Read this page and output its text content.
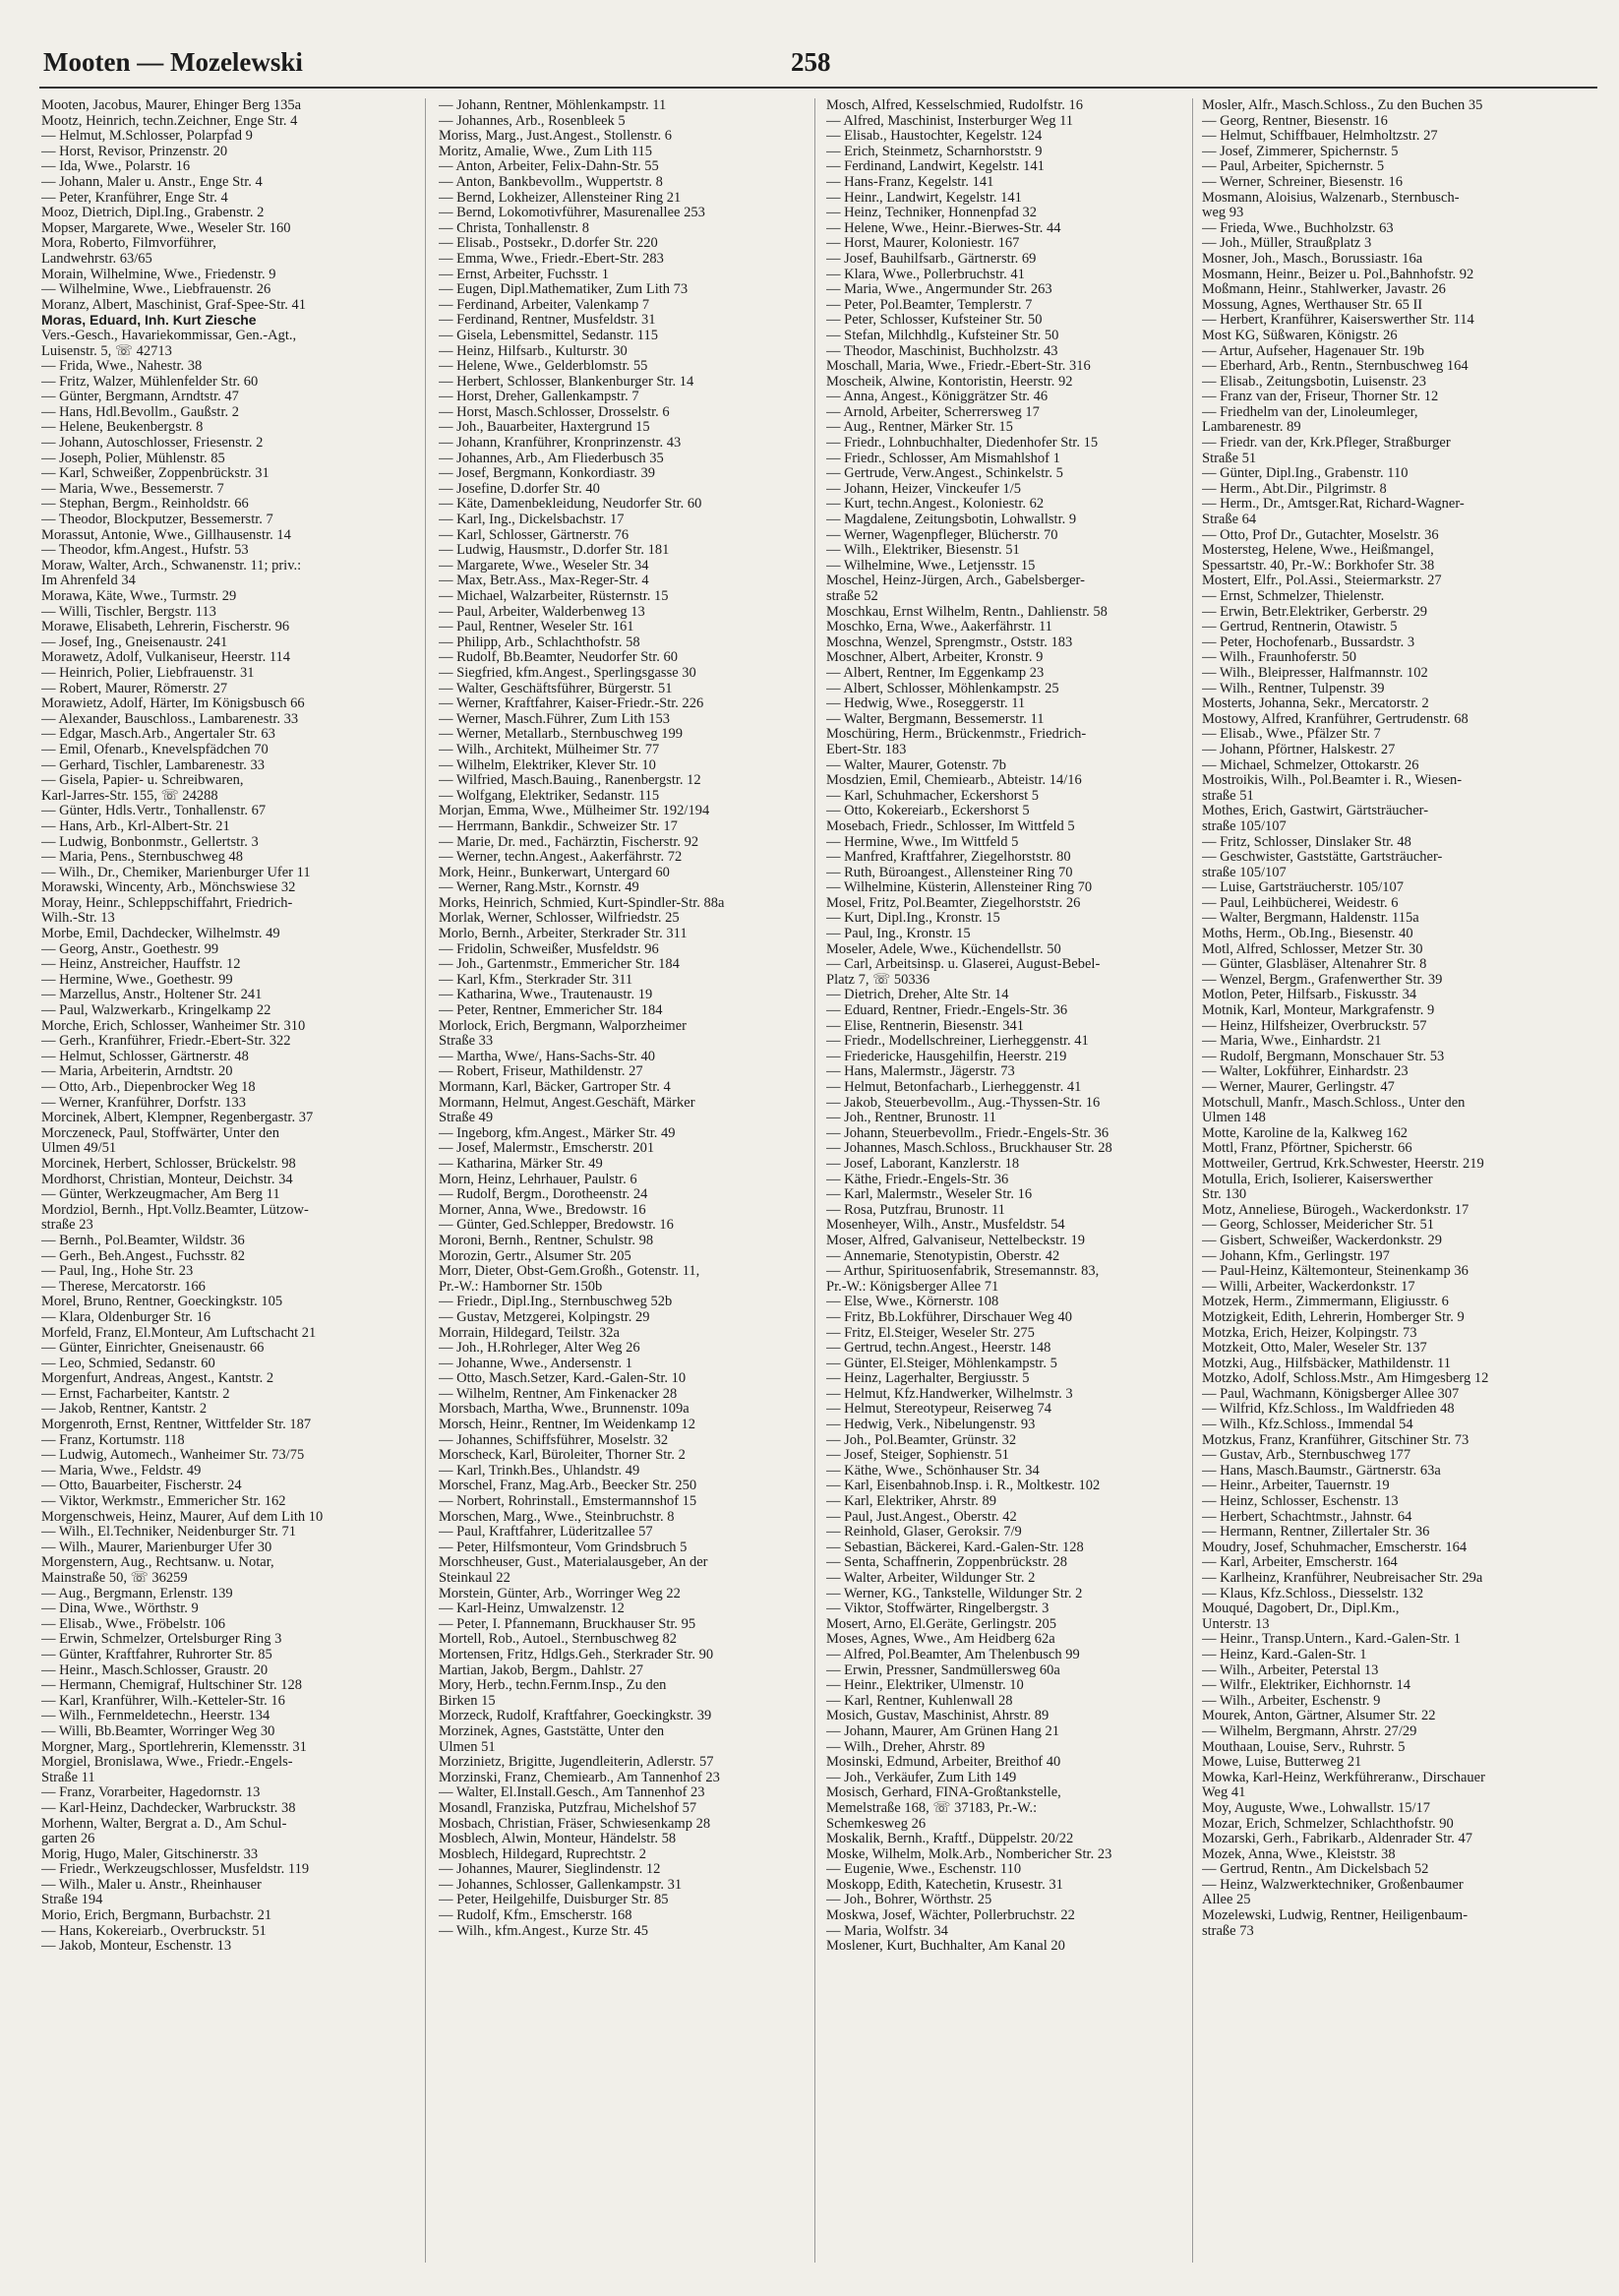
Mooten — Mozelewski	258
Mooten, Jacobus, Maurer, Ehinger Berg 135a
Mootz, Heinrich, techn.Zeichner, Enge Str. 4
— Helmut, M.Schlosser, Polarpfad 9
— Horst, Revisor, Prinzenstr. 20
— Ida, Wwe., Polarstr. 16
— Johann, Maler u. Anstr., Enge Str. 4
— Peter, Kranführer, Enge Str. 4
Mooz, Dietrich, Dipl.Ing., Grabenstr. 2
Mopser, Margarete, Wwe., Weseler Str. 160
Mora, Roberto, Filmvorführer,
Landwehrstr. 63/65
Morain, Wilhelmine, Wwe., Friedenstr. 9
— Wilhelmine, Wwe., Liebfrauenstr. 26
Moranz, Albert, Maschinist, Graf-Spee-Str. 41
Moras, Eduard, Inh. Kurt Ziesche
Vers.-Gesch., Havariekommissar, Gen.-Agt.,
Luisenstr. 5, ☏ 42713
— Frida, Wwe., Nahestr. 38
— Fritz, Walzer, Mühlenfelder Str. 60
— Günter, Bergmann, Arndtstr. 47
— Hans, Hdl.Bevollm., Gaußstr. 2
— Helene, Beukenbergstr. 8
— Johann, Autoschlosser, Friesenstr. 2
— Joseph, Polier, Mühlenstr. 85
— Karl, Schweißer, Zoppenbrückstr. 31
— Maria, Wwe., Bessemerstr. 7
— Stephan, Bergm., Reinholdstr. 66
— Theodor, Blockputzer, Bessemerstr. 7
Morassut, Antonie, Wwe., Gillhausenstr. 14
— Theodor, kfm.Angest., Hufstr. 53
Moraw, Walter, Arch., Schwanenstr. 11; priv.:
Im Ahrenfeld 34
Morawa, Käte, Wwe., Turmstr. 29
— Willi, Tischler, Bergstr. 113
Morawe, Elisabeth, Lehrerin, Fischerstr. 96
— Josef, Ing., Gneisenaustr. 241
Morawetz, Adolf, Vulkaniseur, Heerstr. 114
— Heinrich, Polier, Liebfrauenstr. 31
— Robert, Maurer, Römerstr. 27
Morawietz, Adolf, Härter, Im Königsbusch 66
— Alexander, Bauschloss., Lambarenestr. 33
— Edgar, Masch.Arb., Angertaler Str. 63
— Emil, Ofenarb., Knevelspfädchen 70
— Gerhard, Tischler, Lambarenestr. 33
— Gisela, Papier- u. Schreibwaren,
Karl-Jarres-Str. 155, ☏ 24288
— Günter, Hdls.Vertr., Tonhallenstr. 67
— Hans, Arb., Krl-Albert-Str. 21
— Ludwig, Bonbonmstr., Gellertstr. 3
— Maria, Pens., Sternbuschweg 48
— Wilh., Dr., Chemiker, Marienburger Ufer 11
Morawski, Wincenty, Arb., Mönchswiese 32
Moray, Heinr., Schleppschiffahrt, Friedrich-
Wilh.-Str. 13
Morbe, Emil, Dachdecker, Wilhelmstr. 49
— Georg, Anstr., Goethestr. 99
— Heinz, Anstreicher, Hauffstr. 12
— Hermine, Wwe., Goethestr. 99
— Marzellus, Anstr., Holtener Str. 241
— Paul, Walzwerkarb., Kringelkamp 22
Morche, Erich, Schlosser, Wanheimer Str. 310
— Gerh., Kranführer, Friedr.-Ebert-Str. 322
— Helmut, Schlosser, Gärtnerstr. 48
— Maria, Arbeiterin, Arndtstr. 20
— Otto, Arb., Diepenbrocker Weg 18
— Werner, Kranführer, Dorfstr. 133
Morcinek, Albert, Klempner, Regenbergastr. 37
Morczeneck, Paul, Stoffwärter, Unter den
Ulmen 49/51
Morcinek, Herbert, Schlosser, Brückelstr. 98
Mordhorst, Christian, Monteur, Deichstr. 34
— Günter, Werkzeugmacher, Am Berg 11
Mordziol, Bernh., Hpt.Vollz.Beamter, Lützow-
straße 23
— Bernh., Pol.Beamter, Wildstr. 36
— Gerh., Beh.Angest., Fuchsstr. 82
— Paul, Ing., Hohe Str. 23
— Therese, Mercatorstr. 166
Morel, Bruno, Rentner, Goeckingkstr. 105
— Klara, Oldenburger Str. 16
Morfeld, Franz, El.Monteur, Am Luftschacht 21
— Günter, Einrichter, Gneisenaustr. 66
— Leo, Schmied, Sedanstr. 60
Morgenfurt, Andreas, Angest., Kantstr. 2
— Ernst, Facharbeiter, Kantstr. 2
— Jakob, Rentner, Kantstr. 2
Morgenroth, Ernst, Rentner, Wittfelder Str. 187
— Franz, Kortumstr. 118
— Ludwig, Automech., Wanheimer Str. 73/75
— Maria, Wwe., Feldstr. 49
— Otto, Bauarbeiter, Fischerstr. 24
— Viktor, Werkmstr., Emmericher Str. 162
Morgenschweis, Heinz, Maurer, Auf dem Lith 10
— Wilh., El.Techniker, Neidenburger Str. 71
— Wilh., Maurer, Marienburger Ufer 30
Morgenstern, Aug., Rechtsanw. u. Notar,
Mainstraße 50, ☏ 36259
— Aug., Bergmann, Erlenstr. 139
— Dina, Wwe., Wörthstr. 9
— Elisab., Wwe., Fröbelstr. 106
— Erwin, Schmelzer, Ortelsburger Ring 3
— Günter, Kraftfahrer, Ruhrorter Str. 85
— Heinr., Masch.Schlosser, Graustr. 20
— Hermann, Chemigraf, Hultschiner Str. 128
— Karl, Kranführer, Wilh.-Ketteler-Str. 16
— Wilh., Fernmeldetechn., Heerstr. 134
— Willi, Bb.Beamter, Worringer Weg 30
Morgner, Marg., Sportlehrerin, Klemensstr. 31
Morgiel, Bronislawa, Wwe., Friedr.-Engels-
Straße 11
— Franz, Vorarbeiter, Hagedornstr. 13
— Karl-Heinz, Dachdecker, Warbruckstr. 38
Morhenn, Walter, Bergrat a. D., Am Schul-
garten 26
Morig, Hugo, Maler, Gitschinerstr. 33
— Friedr., Werkzeugschlosser, Musfeldstr. 119
— Wilh., Maler u. Anstr., Rheinhauser
Straße 194
Morio, Erich, Bergmann, Burbachstr. 21
— Hans, Kokereiarb., Overbruckstr. 51
— Jakob, Monteur, Eschenstr. 13
— Johann, Rentner, Möhlenkampstr. 11
— Johannes, Arb., Rosenbleek 5
Moriss, Marg., Just.Angest., Stollenstr. 6
Moritz, Amalie, Wwe., Zum Lith 115
— Anton, Arbeiter, Felix-Dahn-Str. 55
— Anton, Bankbevollm., Wuppertstr. 8
— Bernd, Lokheizer, Allensteiner Ring 21
— Bernd, Lokomotivführer, Masurenallee 253
— Christa, Tonhallenstr. 8
— Elisab., Postsekr., D.dorfer Str. 220
— Emma, Wwe., Friedr.-Ebert-Str. 283
— Ernst, Arbeiter, Fuchsstr. 1
— Eugen, Dipl.Mathematiker, Zum Lith 73
— Ferdinand, Arbeiter, Valenkamp 7
— Ferdinand, Rentner, Musfeldstr. 31
— Gisela, Lebensmittel, Sedanstr. 115
— Heinz, Hilfsarb., Kulturstr. 30
— Helene, Wwe., Gelderblomstr. 55
— Herbert, Schlosser, Blankenburger Str. 14
— Horst, Dreher, Gallenkampstr. 7
— Horst, Masch.Schlosser, Drosselstr. 6
— Joh., Bauarbeiter, Haxtergrund 15
— Johann, Kranführer, Kronprinzenstr. 43
— Johannes, Arb., Am Fliederbusch 35
— Josef, Bergmann, Konkordiastr. 39
— Josefine, D.dorfer Str. 40
— Käte, Damenbekleidung, Neudorfer Str. 60
— Karl, Ing., Dickelsbachstr. 17
— Karl, Schlosser, Gärtnerstr. 76
— Ludwig, Hausmstr., D.dorfer Str. 181
— Margarete, Wwe., Weseler Str. 34
— Max, Betr.Ass., Max-Reger-Str. 4
— Michael, Walzarbeiter, Rüsternstr. 15
— Paul, Arbeiter, Walderbenweg 13
— Paul, Rentner, Weseler Str. 161
— Philipp, Arb., Schlachthofstr. 58
— Rudolf, Bb.Beamter, Neudorfer Str. 60
— Siegfried, kfm.Angest., Sperlingsgasse 30
— Walter, Geschäftsführer, Bürgerstr. 51
— Werner, Kraftfahrer, Kaiser-Friedr.-Str. 226
— Werner, Masch.Führer, Zum Lith 153
— Werner, Metallarb., Sternbuschweg 199
— Wilh., Architekt, Mülheimer Str. 77
— Wilhelm, Elektriker, Klever Str. 10
— Wilfried, Masch.Bauing., Ranenbergstr. 12
— Wolfgang, Elektriker, Sedanstr. 115
Morjan, Emma, Wwe., Mülheimer Str. 192/194
— Herrmann, Bankdir., Schweizer Str. 17
— Marie, Dr. med., Fachärztin, Fischerstr. 92
— Werner, techn.Angest., Aakerfährstr. 72
Mork, Heinr., Bunkerwart, Untergard 60
— Werner, Rang.Mstr., Kornstr. 49
Morks, Heinrich, Schmied, Kurt-Spindler-Str. 88a
Morlak, Werner, Schlosser, Wilfriedstr. 25
Morlo, Bernh., Arbeiter, Sterkrader Str. 311
— Fridolin, Schweißer, Musfeldstr. 96
— Joh., Gartenmstr., Emmericher Str. 184
— Karl, Kfm., Sterkrader Str. 311
— Katharina, Wwe., Trautenaustr. 19
— Peter, Rentner, Emmericher Str. 184
Morlock, Erich, Bergmann, Walporzheimer
Straße 33
— Martha, Wwe/, Hans-Sachs-Str. 40
— Robert, Friseur, Mathildenstr. 27
Mormann, Karl, Bäcker, Gartroper Str. 4
Mormann, Helmut, Angest.Geschäft, Märker
Straße 49
— Ingeborg, kfm.Angest., Märker Str. 49
— Josef, Malermstr., Emscherstr. 201
— Katharina, Märker Str. 49
Morn, Heinz, Lehrhauer, Paulstr. 6
— Rudolf, Bergm., Dorotheenstr. 24
Morner, Anna, Wwe., Bredowstr. 16
— Günter, Ged.Schlepper, Bredowstr. 16
Moroni, Bernh., Rentner, Schulstr. 98
Morozin, Gertr., Alsumer Str. 205
Morr, Dieter, Obst-Gem.Großh., Gotenstr. 11,
Pr.-W.: Hamborner Str. 150b
— Friedr., Dipl.Ing., Sternbuschweg 52b
— Gustav, Metzgerei, Kolpingstr. 29
Morrain, Hildegard, Teilstr. 32a
— Joh., H.Rohrleger, Alter Weg 26
— Johanne, Wwe., Andersenstr. 1
— Otto, Masch.Setzer, Kard.-Galen-Str. 10
— Wilhelm, Rentner, Am Finkenacker 28
Morsbach, Martha, Wwe., Brunnenstr. 109a
Morsch, Heinr., Rentner, Im Weidenkamp 12
— Johannes, Schiffsführer, Moselstr. 32
Morscheck, Karl, Büroleiter, Thorner Str. 2
— Karl, Trinkh.Bes., Uhlandstr. 49
Morschel, Franz, Mag.Arb., Beecker Str. 250
— Norbert, Rohrinstall., Emstermannshof 15
Morschen, Marg., Wwe., Steinbruchstr. 8
— Paul, Kraftfahrer, Lüderitzallee 57
— Peter, Hilfsmonteur, Vom Grindsbruch 5
Morschheuser, Gust., Materialausgeber, An der
Steinkaul 22
Morstein, Günter, Arb., Worringer Weg 22
— Karl-Heinz, Umwalzenstr. 12
— Peter, I. Pfannemann, Bruckhauser Str. 95
Mortell, Rob., Autoel., Sternbuschweg 82
Mortensen, Fritz, Hdlgs.Geh., Sterkrader Str. 90
Martian, Jakob, Bergm., Dahlstr. 27
Mory, Herb., techn.Fernm.Insp., Zu den
Birken 15
Morzeck, Rudolf, Kraftfahrer, Goeckingkstr. 39
Morzinek, Agnes, Gaststätte, Unter den
Ulmen 51
Morzinietz, Brigitte, Jugendleiterin, Adlerstr. 57
Morzinski, Franz, Chemiearb., Am Tannenhof 23
— Walter, El.Install.Gesch., Am Tannenhof 23
Mosandl, Franziska, Putzfrau, Michelshof 57
Mosbach, Christian, Fräser, Schwiesenkamp 28
Mosblech, Alwin, Monteur, Händelstr. 58
Mosblech, Hildegard, Ruprechtstr. 2
— Johannes, Maurer, Sieglindenstr. 12
— Johannes, Schlosser, Gallenkampstr. 31
— Peter, Heilgehilfe, Duisburger Str. 85
— Rudolf, Kfm., Emscherstr. 168
— Wilh., kfm.Angest., Kurze Str. 45
Mosch, Alfred, Kesselschmied, Rudolfstr. 16
— Alfred, Maschinist, Insterburger Weg 11
— Elisab., Haustochter, Kegelstr. 124
— Erich, Steinmetz, Scharnhorststr. 9
— Ferdinand, Landwirt, Kegelstr. 141
— Hans-Franz, Kegelstr. 141
— Heinr., Landwirt, Kegelstr. 141
— Heinz, Techniker, Honnenpfad 32
— Helene, Wwe., Heinr.-Bierwes-Str. 44
— Horst, Maurer, Koloniestr. 167
— Josef, Bauhilfsarb., Gärtnerstr. 69
— Klara, Wwe., Pollerbruchstr. 41
— Maria, Wwe., Angermunder Str. 263
— Peter, Pol.Beamter, Templerstr. 7
— Peter, Schlosser, Kufsteiner Str. 50
— Stefan, Milchhdlg., Kufsteiner Str. 50
— Theodor, Maschinist, Buchholzstr. 43
Moschall, Maria, Wwe., Friedr.-Ebert-Str. 316
Moscheik, Alwine, Kontoristin, Heerstr. 92
— Anna, Angest., Königgrätzer Str. 46
— Arnold, Arbeiter, Scherrersweg 17
— Aug., Rentner, Märker Str. 15
— Friedr., Lohnbuchhalter, Diedenhofer Str. 15
— Friedr., Schlosser, Am Mismahlshof 1
— Gertrude, Verw.Angest., Schinkelstr. 5
— Johann, Heizer, Vinckeufer 1/5
— Kurt, techn.Angest., Koloniestr. 62
— Magdalene, Zeitungsbotin, Lohwallstr. 9
— Werner, Wagenpfleger, Blücherstr. 70
— Wilh., Elektriker, Biesenstr. 51
— Wilhelmine, Wwe., Letjensstr. 15
Moschel, Heinz-Jürgen, Arch., Gabelsberger-
straße 52
Moschkau, Ernst Wilhelm, Rentn., Dahlienstr. 58
Moschko, Erna, Wwe., Aakerfährstr. 11
Moschna, Wenzel, Sprengmstr., Oststr. 183
Moschner, Albert, Arbeiter, Kronstr. 9
— Albert, Rentner, Im Eggenkamp 23
— Albert, Schlosser, Möhlenkampstr. 25
— Hedwig, Wwe., Roseggerstr. 11
— Walter, Bergmann, Bessemerstr. 11
Moschüring, Herm., Brückenmstr., Friedrich-
Ebert-Str. 183
— Walter, Maurer, Gotenstr. 7b
Mosdzien, Emil, Chemiearb., Abteistr. 14/16
— Karl, Schuhmacher, Eckershorst 5
— Otto, Kokereiarb., Eckershorst 5
Mosebach, Friedr., Schlosser, Im Wittfeld 5
— Hermine, Wwe., Im Wittfeld 5
— Manfred, Kraftfahrer, Ziegelhorststr. 80
— Ruth, Büroangest., Allensteiner Ring 70
— Wilhelmine, Küsterin, Allensteiner Ring 70
Mosel, Fritz, Pol.Beamter, Ziegelhorststr. 26
— Kurt, Dipl.Ing., Kronstr. 15
— Paul, Ing., Kronstr. 15
Moseler, Adele, Wwe., Küchendellstr. 50
— Carl, Arbeitsinsp. u. Glaserei, August-Bebel-
Platz 7, ☏ 50336
— Dietrich, Dreher, Alte Str. 14
— Eduard, Rentner, Friedr.-Engels-Str. 36
— Elise, Rentnerin, Biesenstr. 341
— Friedr., Modellschreiner, Lierheggenstr. 41
— Friedericke, Hausgehilfin, Heerstr. 219
— Hans, Malermstr., Jägerstr. 73
— Helmut, Betonfacharb., Lierheggenstr. 41
— Jakob, Steuerbevollm., Aug.-Thyssen-Str. 16
— Joh., Rentner, Brunostr. 11
— Johann, Steuerbevollm., Friedr.-Engels-Str. 36
— Johannes, Masch.Schloss., Bruckhauser Str. 28
— Josef, Laborant, Kanzlerstr. 18
— Käthe, Friedr.-Engels-Str. 36
— Karl, Malermstr., Weseler Str. 16
— Rosa, Putzfrau, Brunostr. 11
Mosenheyer, Wilh., Anstr., Musfeldstr. 54
Moser, Alfred, Galvaniseur, Nettelbeckstr. 19
— Annemarie, Stenotypistin, Oberstr. 42
— Arthur, Spirituosenfabrik, Stresemannstr. 83,
Pr.-W.: Königsberger Allee 71
— Else, Wwe., Körnerstr. 108
— Fritz, Bb.Lokführer, Dirschauer Weg 40
— Fritz, El.Steiger, Weseler Str. 275
— Gertrud, techn.Angest., Heerstr. 148
— Günter, El.Steiger, Möhlenkampstr. 5
— Heinz, Lagerhalter, Bergiusstr. 5
— Helmut, Kfz.Handwerker, Wilhelmstr. 3
— Helmut, Stereotypeur, Reiserweg 74
— Hedwig, Verk., Nibelungenstr. 93
— Joh., Pol.Beamter, Grünstr. 32
— Josef, Steiger, Sophienstr. 51
— Käthe, Wwe., Schönhauser Str. 34
— Karl, Eisenbahnob.Insp. i. R., Moltkestr. 102
— Karl, Elektriker, Ahrstr. 89
— Paul, Just.Angest., Oberstr. 42
— Reinhold, Glaser, Geroksir. 7/9
— Sebastian, Bäckerei, Kard.-Galen-Str. 128
— Senta, Schaffnerin, Zoppenbrückstr. 28
— Walter, Arbeiter, Wildunger Str. 2
— Werner, KG., Tankstelle, Wildunger Str. 2
— Viktor, Stoffwärter, Ringelbergstr. 3
Mosert, Arno, El.Geräte, Gerlingstr. 205
Moses, Agnes, Wwe., Am Heidberg 62a
— Alfred, Pol.Beamter, Am Thelenbusch 99
— Erwin, Pressner, Sandmüllersweg 60a
— Heinr., Elektriker, Ulmenstr. 10
— Karl, Rentner, Kuhlenwall 28
Mosich, Gustav, Maschinist, Ahrstr. 89
— Johann, Maurer, Am Grünen Hang 21
— Wilh., Dreher, Ahrstr. 89
Mosinski, Edmund, Arbeiter, Breithof 40
— Joh., Verkäufer, Zum Lith 149
Mosisch, Gerhard, FINA-Großtankstelle,
Memelstraße 168, ☏ 37183, Pr.-W.:
Schemkesweg 26
Moskalik, Bernh., Kraftf., Düppelstr. 20/22
Moske, Wilhelm, Molk.Arb., Nombericher Str. 23
— Eugenie, Wwe., Eschenstr. 110
Moskopp, Edith, Katechetin, Krusestr. 31
— Joh., Bohrer, Wörthstr. 25
Moskwa, Josef, Wächter, Pollerbruchstr. 22
— Maria, Wolfstr. 34
Moslener, Kurt, Buchhalter, Am Kanal 20
Mosler, Alfr., Masch.Schloss., Zu den Buchen 35
— Georg, Rentner, Biesenstr. 16
— Helmut, Schiffbauer, Helmholtzstr. 27
— Josef, Zimmerer, Spichernstr. 5
— Paul, Arbeiter, Spichernstr. 5
— Werner, Schreiner, Biesenstr. 16
Mosmann, Aloisius, Walzenarb., Sternbusch-
weg 93
— Frieda, Wwe., Buchholzstr. 63
— Joh., Müller, Straußplatz 3
Mosner, Joh., Masch., Borussiastr. 16a
Mosmann, Heinr., Beizer u. Pol.,Bahnhofstr. 92
Moßmann, Heinr., Stahlwerker, Javastr. 26
Mossung, Agnes, Werthauser Str. 65 II
— Herbert, Kranführer, Kaiserswerther Str. 114
Most KG, Süßwaren, Königstr. 26
— Artur, Aufseher, Hagenauer Str. 19b
— Eberhard, Arb., Rentn., Sternbuschweg 164
— Elisab., Zeitungsbotin, Luisenstr. 23
— Franz van der, Friseur, Thorner Str. 12
— Friedhelm van der, Linoleumleger,
Lambarenestr. 89
— Friedr. van der, Krk.Pfleger, Straßburger
Straße 51
— Günter, Dipl.Ing., Grabenstr. 110
— Herm., Abt.Dir., Pilgrimstr. 8
— Herm., Dr., Amtsger.Rat, Richard-Wagner-
Straße 64
— Otto, Prof Dr., Gutachter, Moselstr. 36
Mostersteg, Helene, Wwe., Heißmangel,
Spessartstr. 40, Pr.-W.: Borkhofer Str. 38
Mostert, Elfr., Pol.Assi., Steiermarkstr. 27
— Ernst, Schmelzer, Thielenstr.
— Erwin, Betr.Elektriker, Gerberstr. 29
— Gertrud, Rentnerin, Otawistr. 5
— Peter, Hochofenarb., Bussardstr. 3
— Wilh., Fraunhoferstr. 50
— Wilh., Bleipresser, Halfmannstr. 102
— Wilh., Rentner, Tulpenstr. 39
Mosterts, Johanna, Sekr., Mercatorstr. 2
Mostowy, Alfred, Kranführer, Gertrudenstr. 68
— Elisab., Wwe., Pfälzer Str. 7
— Johann, Pförtner, Halskestr. 27
— Michael, Schmelzer, Ottokarstr. 26
Mostroikis, Wilh., Pol.Beamter i. R., Wiesen-
straße 51
Mothes, Erich, Gastwirt, Gärtsträucher-
straße 105/107
— Fritz, Schlosser, Dinslaker Str. 48
— Geschwister, Gaststätte, Gartsträucher-
straße 105/107
— Luise, Gartsträucherstr. 105/107
— Paul, Leihbücherei, Weidestr. 6
— Walter, Bergmann, Haldenstr. 115a
Moths, Herm., Ob.Ing., Biesenstr. 40
Motl, Alfred, Schlosser, Metzer Str. 30
— Günter, Glasbläser, Altenahrer Str. 8
— Wenzel, Bergm., Grafenwerther Str. 39
Motlon, Peter, Hilfsarb., Fiskusstr. 34
Motnik, Karl, Monteur, Markgrafenstr. 9
— Heinz, Hilfsheizer, Overbruckstr. 57
— Maria, Wwe., Einhardstr. 21
— Rudolf, Bergmann, Monschauer Str. 53
— Walter, Lokführer, Einhardstr. 23
— Werner, Maurer, Gerlingstr. 47
Motschull, Manfr., Masch.Schloss., Unter den
Ulmen 148
Motte, Karoline de la, Kalkweg 162
Mottl, Franz, Pförtner, Spicherstr. 66
Mottweiler, Gertrud, Krk.Schwester, Heerstr. 219
Motulla, Erich, Isolierer, Kaiserswerther
Str. 130
Motz, Anneliese, Bürogeh., Wackerdonkstr. 17
— Georg, Schlosser, Meidericher Str. 51
— Gisbert, Schweißer, Wackerdonkstr. 29
— Johann, Kfm., Gerlingstr. 197
— Paul-Heinz, Kältemonteur, Steinenkamp 36
— Willi, Arbeiter, Wackerdonkstr. 17
Motzek, Herm., Zimmermann, Eligiusstr. 6
Motzigkeit, Edith, Lehrerin, Homberger Str. 9
Motzka, Erich, Heizer, Kolpingstr. 73
Motzkeit, Otto, Maler, Weseler Str. 137
Motzki, Aug., Hilfsbäcker, Mathildenstr. 11
Motzko, Adolf, Schloss.Mstr., Am Himgesberg 12
— Paul, Wachmann, Königsberger Allee 307
— Wilfrid, Kfz.Schloss., Im Waldfrieden 48
— Wilh., Kfz.Schloss., Immendal 54
Motzkus, Franz, Kranführer, Gitschiner Str. 73
— Gustav, Arb., Sternbuschweg 177
— Hans, Masch.Baumstr., Gärtnerstr. 63a
— Heinr., Arbeiter, Tauernstr. 19
— Heinz, Schlosser, Eschenstr. 13
— Herbert, Schachtmstr., Jahnstr. 64
— Hermann, Rentner, Zillertaler Str. 36
Moudry, Josef, Schuhmacher, Emscherstr. 164
— Karl, Arbeiter, Emscherstr. 164
— Karlheinz, Kranführer, Neubreisacher Str. 29a
— Klaus, Kfz.Schloss., Diesselstr. 132
Mouqué, Dagobert, Dr., Dipl.Km.,
Unterstr. 13
— Heinr., Transp.Untern., Kard.-Galen-Str. 1
— Heinz, Kard.-Galen-Str. 1
— Wilh., Arbeiter, Peterstal 13
— Wilfr., Elektriker, Eichhornstr. 14
— Wilh., Arbeiter, Eschenstr. 9
Mourek, Anton, Gärtner, Alsumer Str. 22
— Wilhelm, Bergmann, Ahrstr. 27/29
Mouthaan, Louise, Serv., Ruhrstr. 5
Mowe, Luise, Butterweg 21
Mowka, Karl-Heinz, Werkführeranw., Dirschauer
Weg 41
Moy, Auguste, Wwe., Lohwallstr. 15/17
Mozar, Erich, Schmelzer, Schlachthofstr. 90
Mozarski, Gerh., Fabrikarb., Aldenrader Str. 47
Mozek, Anna, Wwe., Kleiststr. 38
— Gertrud, Rentn., Am Dickelsbach 52
— Heinz, Walzwerktechniker, Großenbaumer
Allee 25
Mozelewski, Ludwig, Rentner, Heiligenbaum-
straße 73
